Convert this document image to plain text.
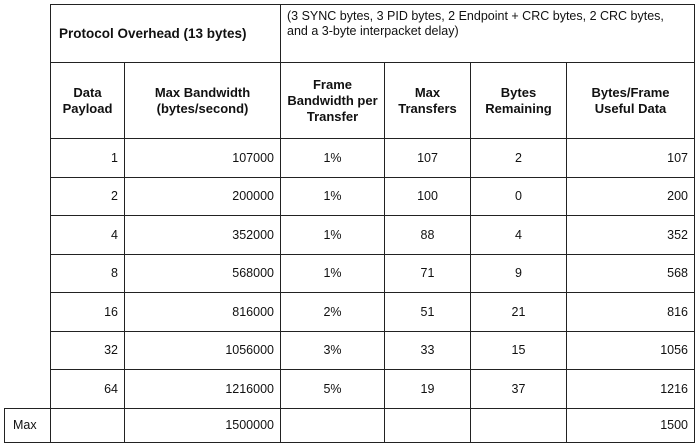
	Protocol Overhead (13 bytes)		(3 SYNC bytes, 3 PID bytes, 2 Endpoint + CRC bytes, 2 CRC bytes, and a 3-byte interpacket delay)			
	Data Payload	Max Bandwidth (bytes/second)	Frame Bandwidth per Transfer	Max Transfers	Bytes Remaining	Bytes/Frame Useful Data
	1	107000	1%	107	2	107
	2	200000	1%	100	0	200
	4	352000	1%	88	4	352
	8	568000	1%	71	9	568
	16	816000	2%	51	21	816
	32	1056000	3%	33	15	1056
	64	1216000	5%	19	37	1216
Max		1500000				1500
